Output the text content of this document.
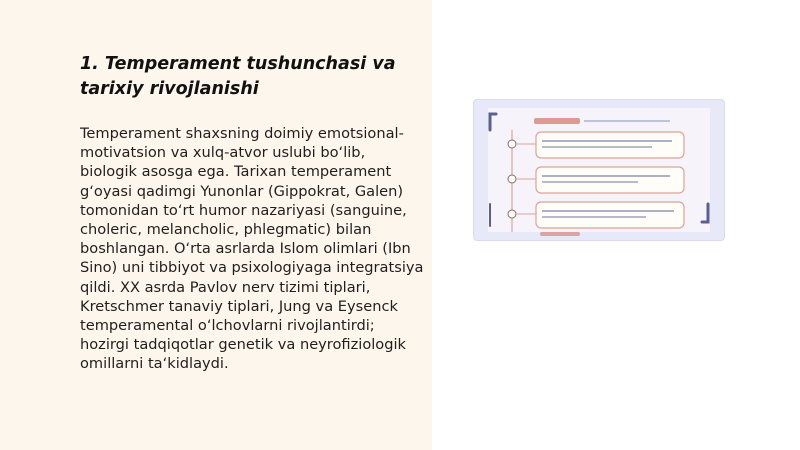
1. Temperament tushunchasi va tarixiy rivojlanishi

Temperament shaxsning doimiy emotsional-motivatsion va xulq-atvor uslubi bo‘lib, biologik asosga ega. Tarixan temperament g‘oyasi qadimgi Yunonlar (Gippokrat, Galen) tomonidan to‘rt humor nazariyasi (sanguine, choleric, melancholic, phlegmatic) bilan boshlangan. O‘rta asrlarda Islom olimlari (Ibn Sino) uni tibbiyot va psixologiyaga integratsiya qildi. XX asrda Pavlov nerv tizimi tiplari, Kretschmer tanaviy tiplari, Jung va Eysenck temperamental o‘lchovlarni rivojlantirdi; hozirgi tadqiqotlar genetik va neyrofiziologik omillarni ta‘kidlaydi.
